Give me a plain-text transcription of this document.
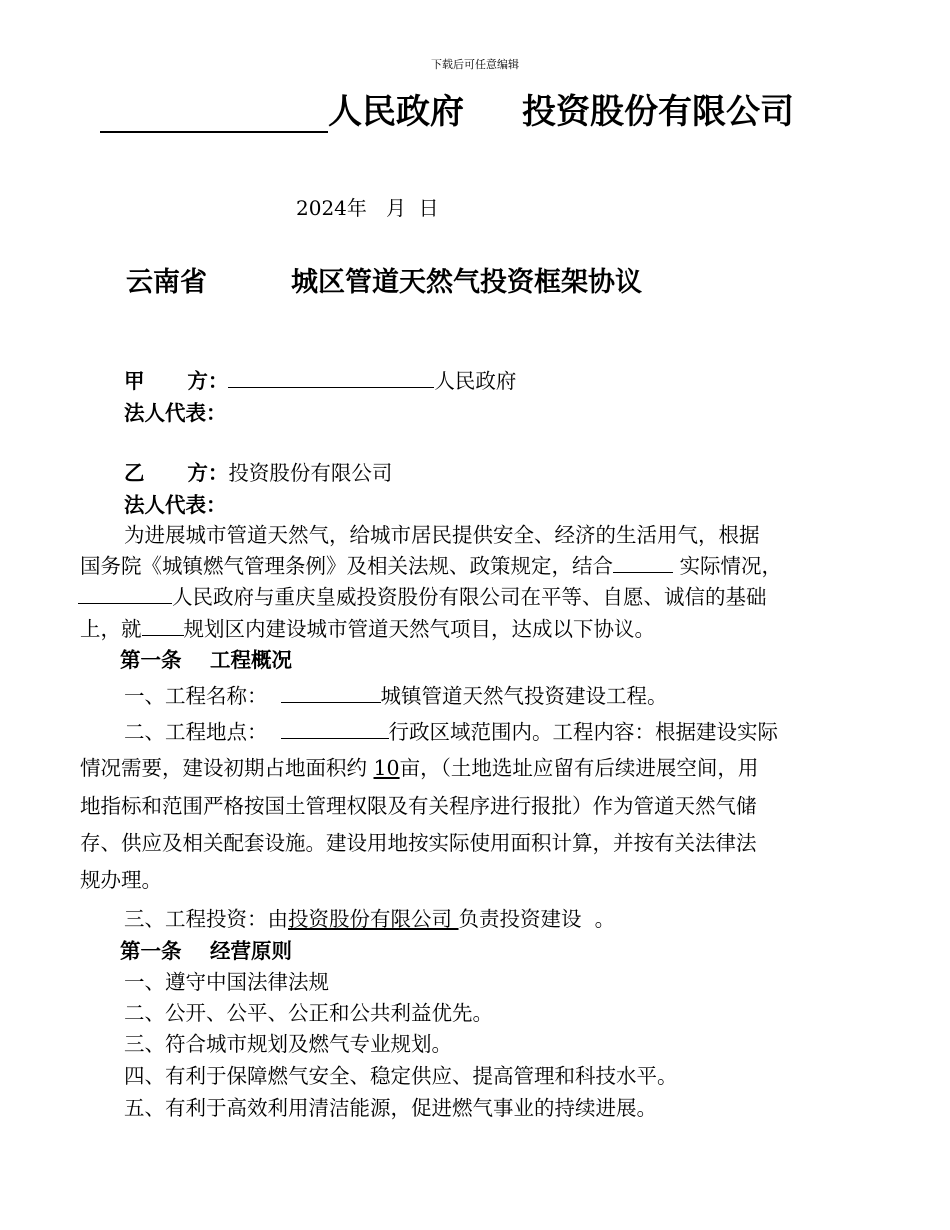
下载后可任意编辑
人民政府 投资股份有限公司
2024年   月  日
云南省	城区管道天然气投资框架协议
甲      方：	人民政府
法人代表：
乙      方：投资股份有限公司
法人代表：
为进展城市管道天然气，给城市居民提供安全、经济的生活用气，根据
国务院《城镇燃气管理条例》及相关法规、政策规定，结合	实际情况，
人民政府与重庆皇威投资股份有限公司在平等、自愿、诚信的基础
上，就 规划区内建设城市管道天然气项目，达成以下协议。
第一条    工程概况
一、工程名称：	城镇管道天然气投资建设工程。
二、工程地点：	行政区域范围内。工程内容：根据建设实际
情况需要，建设初期占地面积约 10亩，（土地选址应留有后续进展空间，用
地指标和范围严格按国土管理权限及有关程序进行报批）作为管道天然气储
存、供应及相关配套设施。建设用地按实际使用面积计算，并按有关法律法
规办理。
三、工程投资：由投资股份有限公司 负责投资建设  。
第一条    经营原则
一、遵守中国法律法规
二、公开、公平、公正和公共利益优先。
三、符合城市规划及燃气专业规划。
四、有利于保障燃气安全、稳定供应、提高管理和科技水平。
五、有利于高效利用清洁能源，促进燃气事业的持续进展。
